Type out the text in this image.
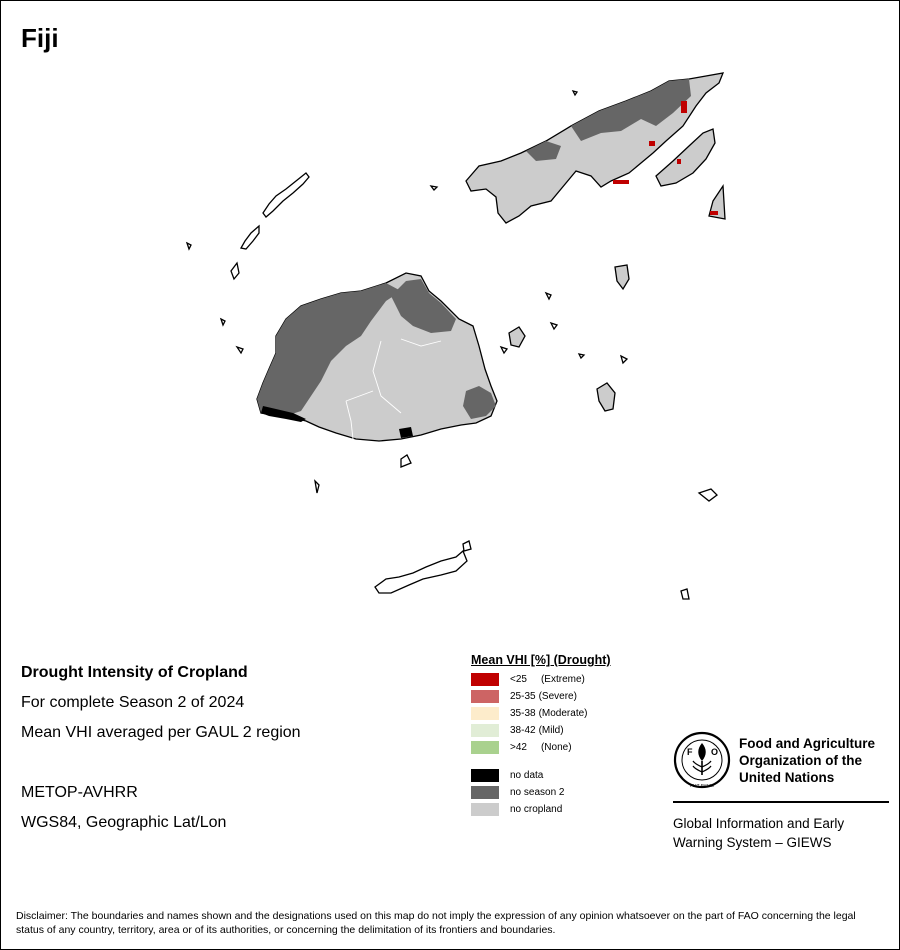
Fiji
Drought Intensity of Cropland
For complete Season 2 of 2024
Mean VHI averaged per GAUL 2 region
METOP-AVHRR
WGS84, Geographic Lat/Lon
Mean VHI [%] (Drought)
<25 (Extreme)
25-35 (Severe)
35-38 (Moderate)
38-42 (Mild)
>42 (None)
no data
no season 2
no cropland
F O
FIAT PANIS
Food and Agriculture
Organization of the
United Nations
Global Information and Early
Warning System – GIEWS
Disclaimer: The boundaries and names shown and the designations used on this map do not imply the expression of any opinion whatsoever on the part of FAO concerning the legal status of any country, territory, area or of its authorities, or concerning the delimitation of its frontiers and boundaries.
